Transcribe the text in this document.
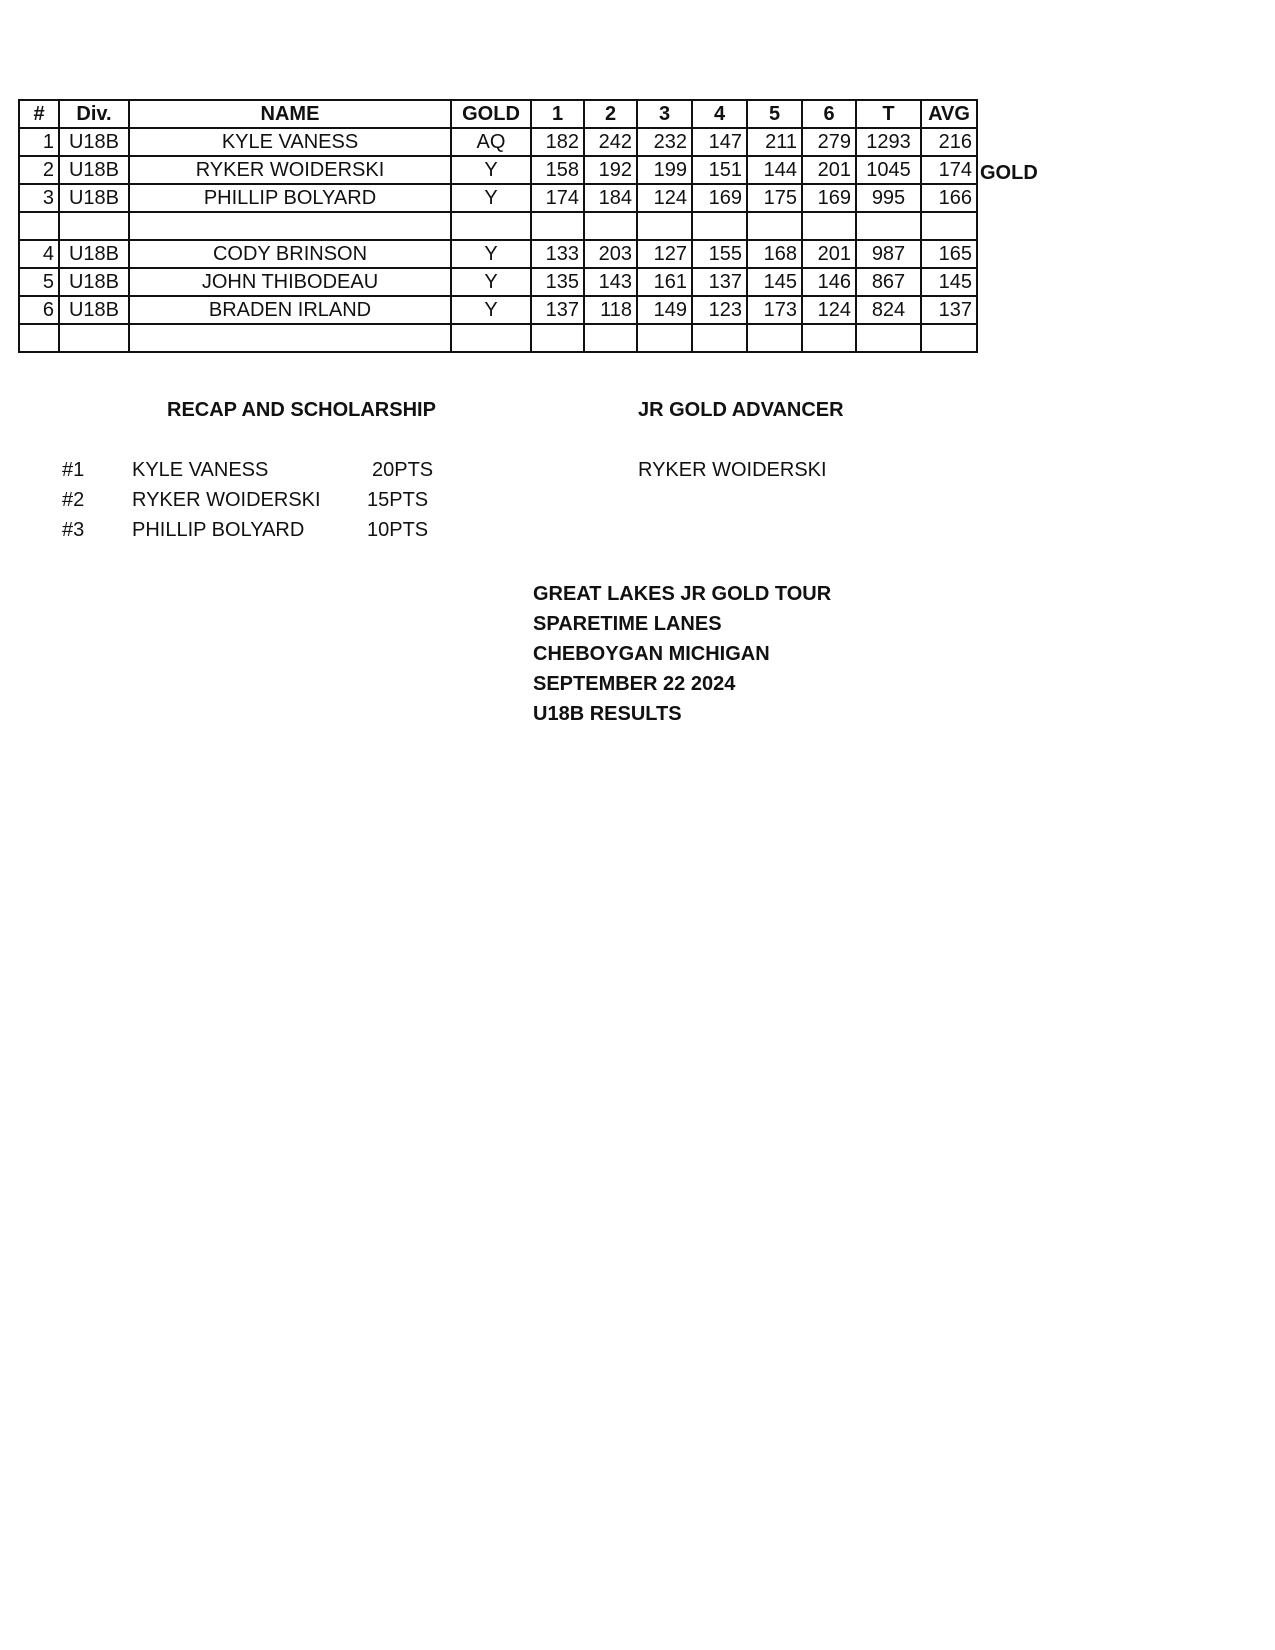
#	Div.	NAME	GOLD	1	2	3	4	5	6	T	AVG
1	U18B	KYLE VANESS	AQ	182	242	232	147	211	279	1293	216
2	U18B	RYKER WOIDERSKI	Y	158	192	199	151	144	201	1045	174
3	U18B	PHILLIP BOLYARD	Y	174	184	124	169	175	169	995	166

4	U18B	CODY BRINSON	Y	133	203	127	155	168	201	987	165
5	U18B	JOHN THIBODEAU	Y	135	143	161	137	145	146	867	145
6	U18B	BRADEN IRLAND	Y	137	118	149	123	173	124	824	137

GOLD
RECAP AND SCHOLARSHIP	JR GOLD ADVANCER
#1 KYLE VANESS	20PTS
#2 RYKER WOIDERSKI 15PTS
#3 PHILLIP BOLYARD	10PTS
RYKER WOIDERSKI
GREAT LAKES JR GOLD TOUR
SPARETIME LANES
CHEBOYGAN MICHIGAN
SEPTEMBER 22 2024
U18B RESULTS
